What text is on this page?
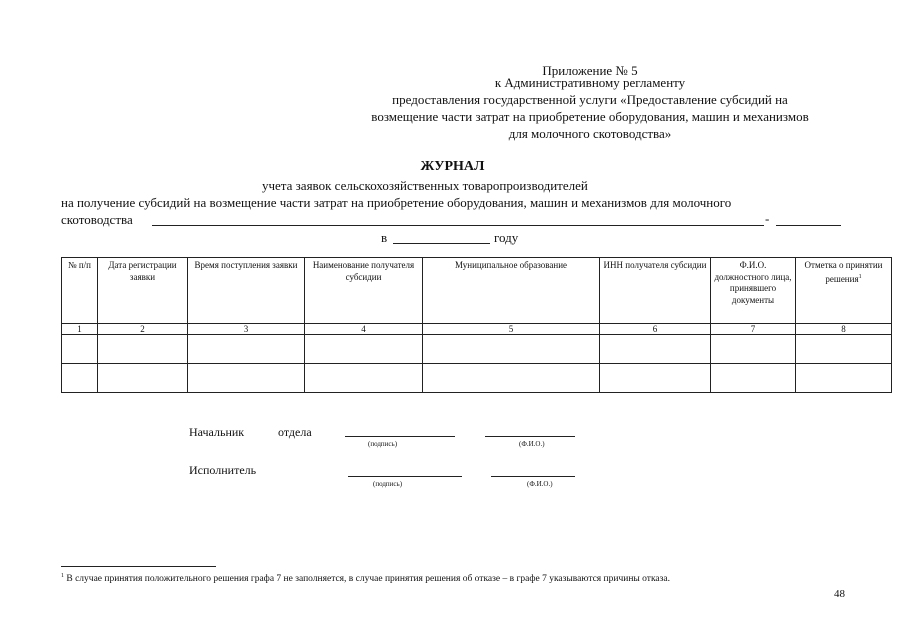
Приложение № 5
к Административному регламенту
предоставления государственной услуги «Предоставление субсидий на
возмещение части затрат на приобретение оборудования, машин и механизмов
для молочного скотоводства»
ЖУРНАЛ
учета заявок сельскохозяйственных товаропроизводителей
на получение субсидий на возмещение части затрат на приобретение оборудования, машин и механизмов для молочного
скотоводства	-
в	году
№ п/п	Дата регистрации заявки	Время поступления заявки	Наименование получателя субсидии	Муниципальное образование	ИНН получателя субсидии	Ф.И.О. должностного лица, принявшего документы	Отметка о принятии решения$^1$
1	2	3	4	5	6	7	8

Начальник	отдела
(подпись)	(Ф.И.О.)
Исполнитель
(подпись)	(Ф.И.О.)
$^1$ В случае принятия положительного решения графа 7 не заполняется, в случае принятия решения об отказе – в графе 7 указываются причины отказа.
48
